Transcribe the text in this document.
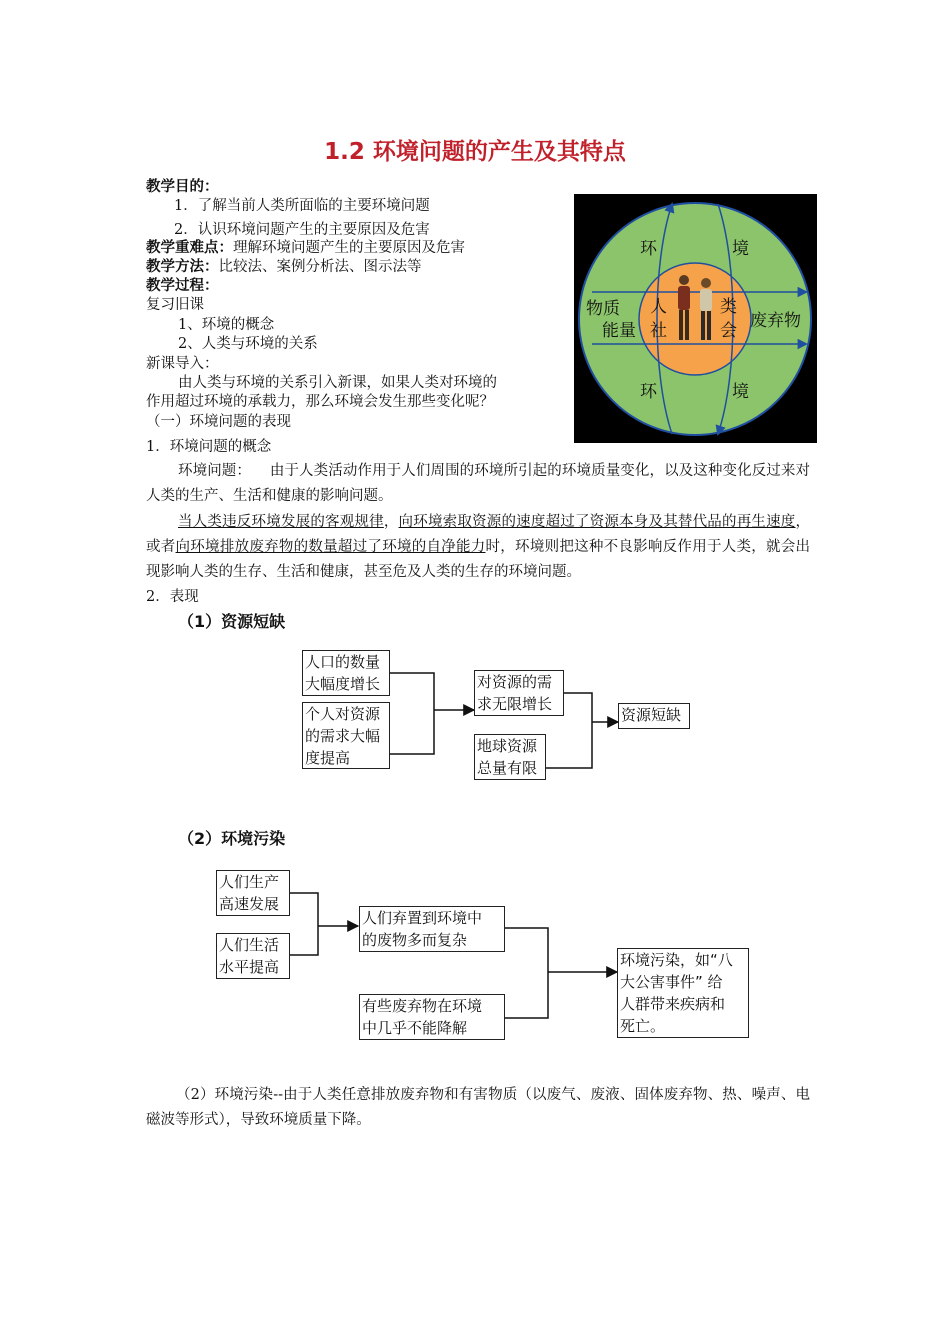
1.2 环境问题的产生及其特点
教学目的：
1．了解当前人类所面临的主要环境问题
2．认识环境问题产生的主要原因及危害
教学重难点：理解环境问题产生的主要原因及危害
教学方法：比较法、案例分析法、图示法等
教学过程：
复习旧课
1、环境的概念
2、人类与环境的关系
新课导入：
由人类与环境的关系引入新课，如果人类对环境的
作用超过环境的承载力，那么环境会发生那些变化呢？
（一）环境问题的表现
环	境
环	境
物质
能量	废弃物
人
社
类
会
1．环境问题的概念
环境问题： 由于人类活动作用于人们周围的环境所引起的环境质量变化，以及这种变化反过来对人类的生产、生活和健康的影响问题。
当人类违反环境发展的客观规律，向环境索取资源的速度超过了资源本身及其替代品的再生速度，或者向环境排放废弃物的数量超过了环境的自净能力时，环境则把这种不良影响反作用于人类，就会出现影响人类的生存、生活和健康，甚至危及人类的生存的环境问题。
2．表现
（1）资源短缺
人口的数量
大幅度增长
个人对资源
的需求大幅
度提高
对资源的需
求无限增长
地球资源
总量有限
资源短缺
（2）环境污染
人们生产
高速发展
人们生活
水平提高
人们弃置到环境中
的废物多而复杂
有些废弃物在环境
中几乎不能降解
环境污染，如“八
大公害事件” 给
人群带来疾病和
死亡。
（2）环境污染--由于人类任意排放废弃物和有害物质（以废气、废液、固体废弃物、热、噪声、电磁波等形式），导致环境质量下降。
